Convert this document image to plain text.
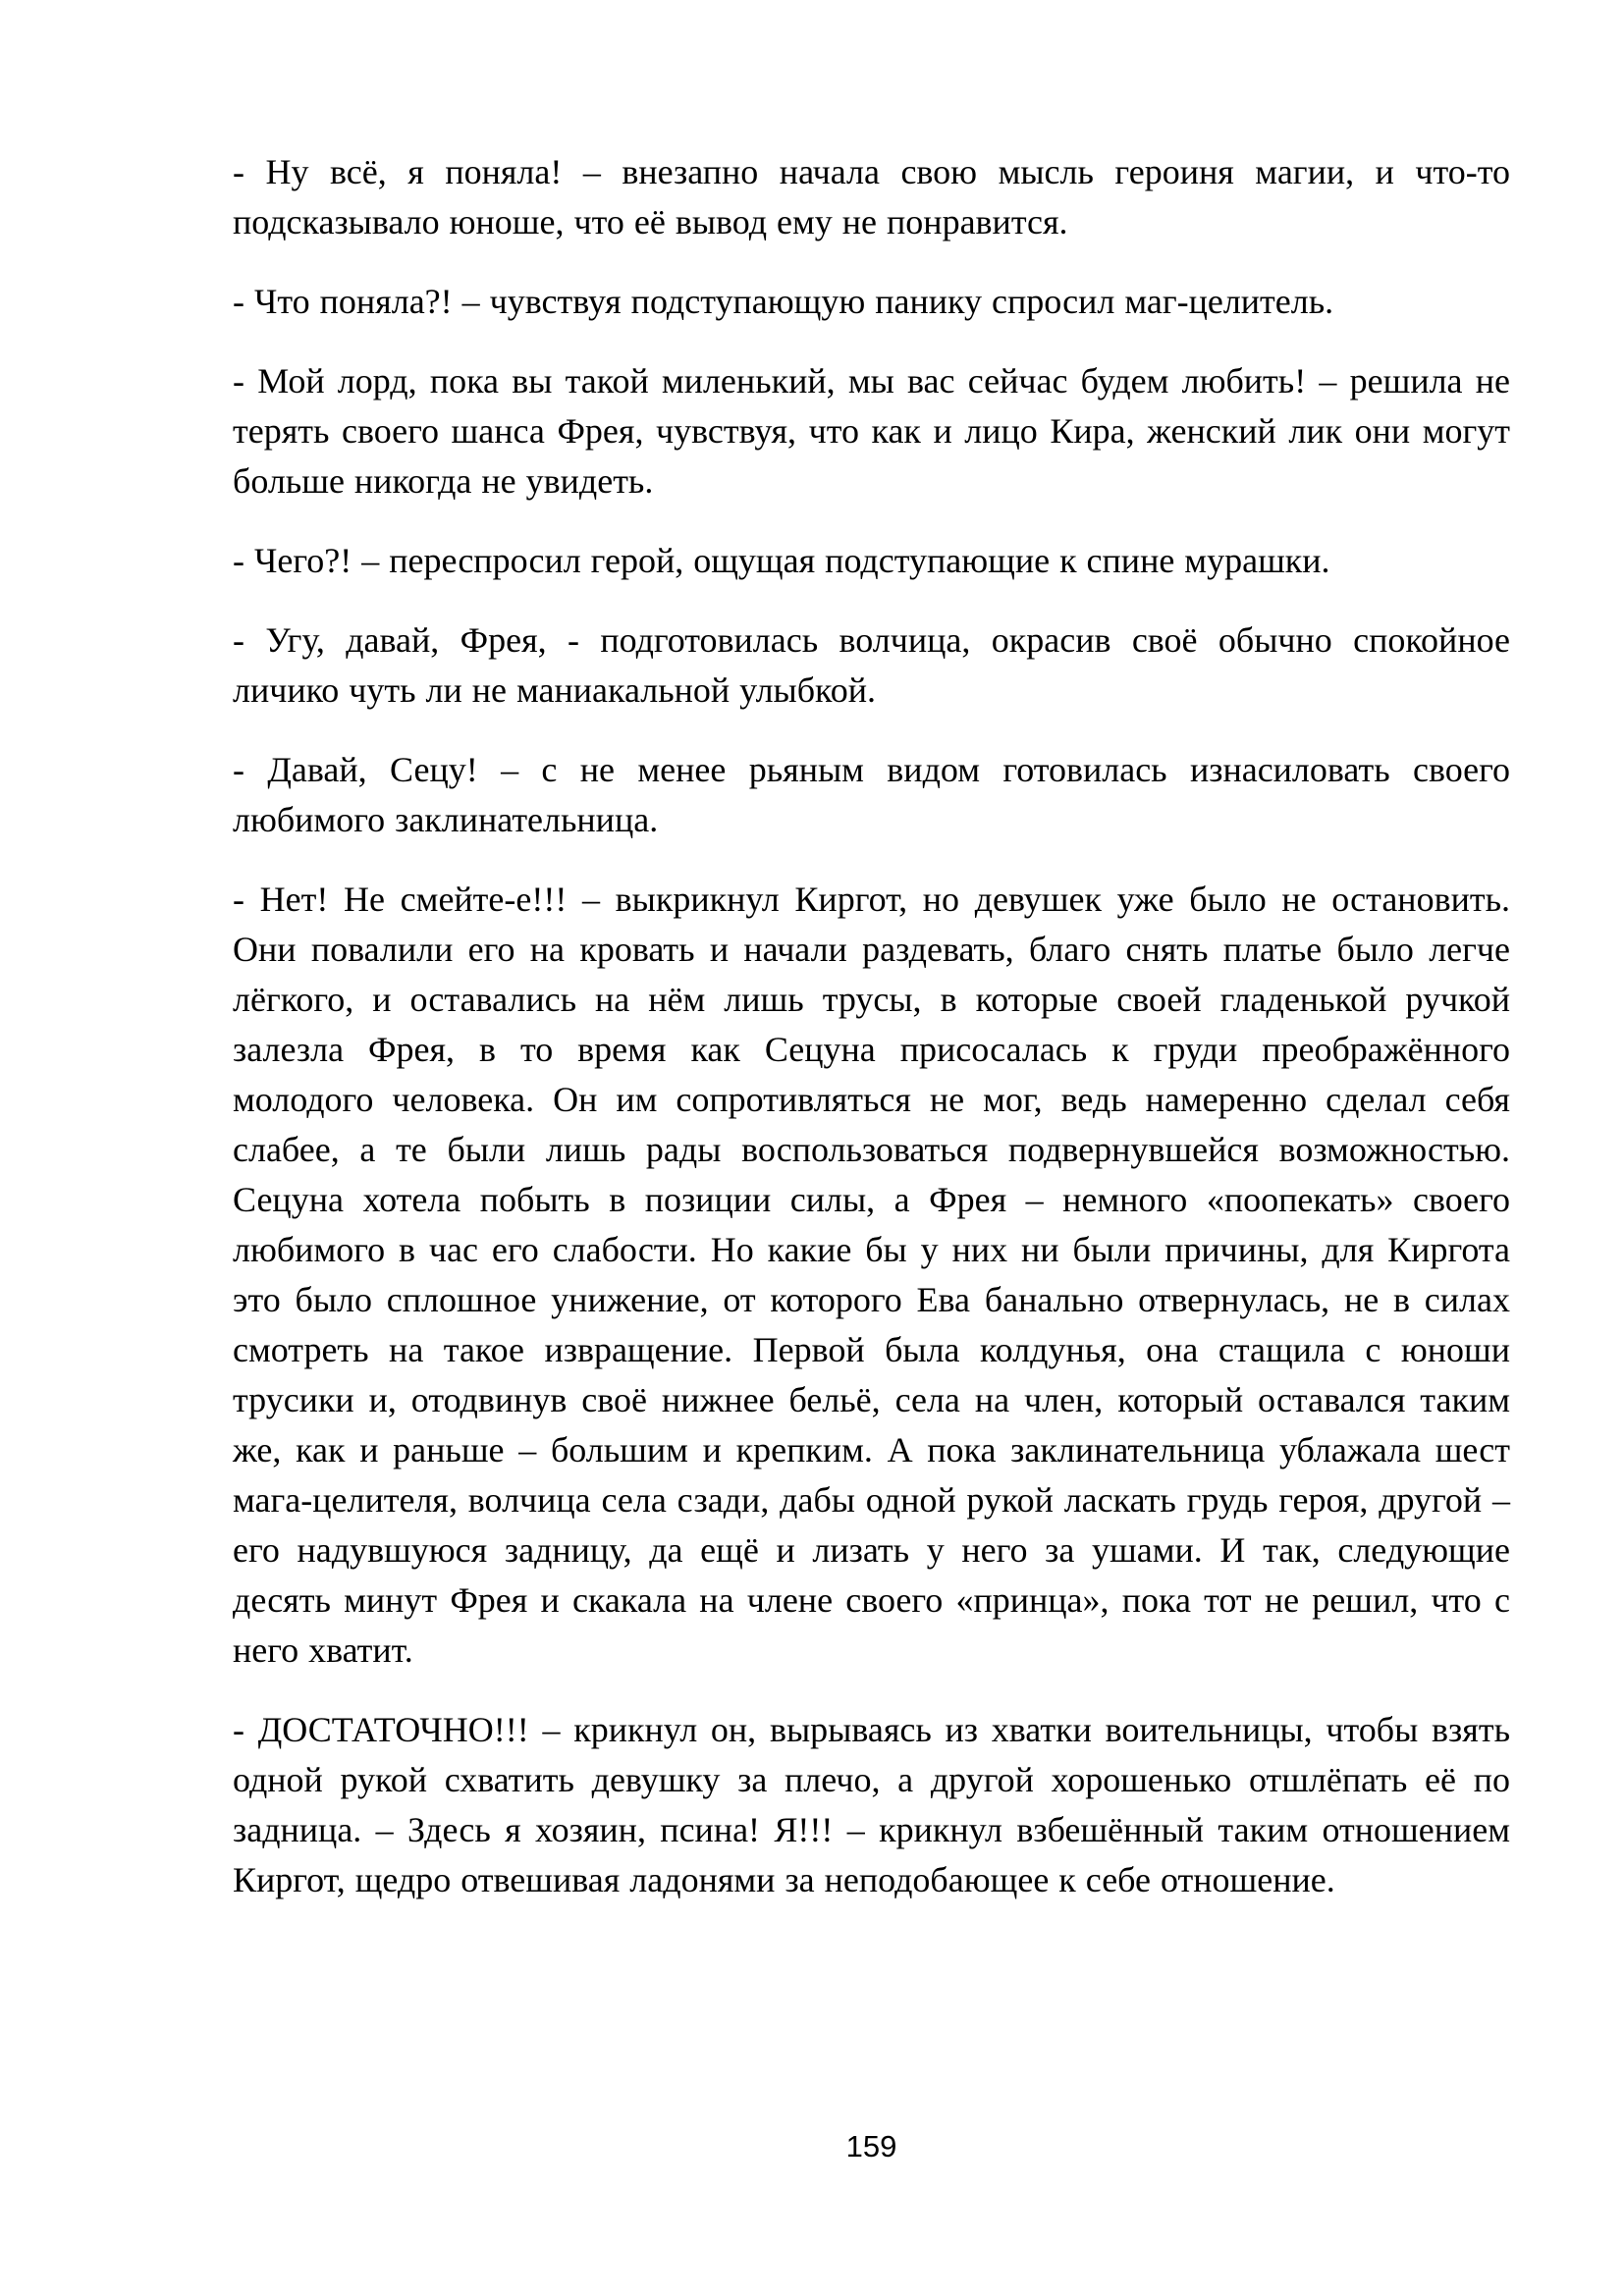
- Ну всё, я поняла! – внезапно начала свою мысль героиня магии, и что-то подсказывало юноше, что её вывод ему не понравится.

- Что поняла?! – чувствуя подступающую панику спросил маг-целитель.

- Мой лорд, пока вы такой миленький, мы вас сейчас будем любить! – решила не терять своего шанса Фрея, чувствуя, что как и лицо Кира, женский лик они могут больше никогда не увидеть.

- Чего?! – переспросил герой, ощущая подступающие к спине мурашки.

- Угу, давай, Фрея, - подготовилась волчица, окрасив своё обычно спокойное личико чуть ли не маниакальной улыбкой.

- Давай, Сецу! – с не менее рьяным видом готовилась изнасиловать своего любимого заклинательница.

- Нет! Не смейте-е!!! – выкрикнул Киргот, но девушек уже было не остановить. Они повалили его на кровать и начали раздевать, благо снять платье было легче лёгкого, и оставались на нём лишь трусы, в которые своей гладенькой ручкой залезла Фрея, в то время как Сецуна присосалась к груди преображённого молодого человека. Он им сопротивляться не мог, ведь намеренно сделал себя слабее, а те были лишь рады воспользоваться подвернувшейся возможностью. Сецуна хотела побыть в позиции силы, а Фрея – немного «поопекать» своего любимого в час его слабости. Но какие бы у них ни были причины, для Киргота это было сплошное унижение, от которого Ева банально отвернулась, не в силах смотреть на такое извращение. Первой была колдунья, она стащила с юноши трусики и, отодвинув своё нижнее бельё, села на член, который оставался таким же, как и раньше – большим и крепким. А пока заклинательница ублажала шест мага-целителя, волчица села сзади, дабы одной рукой ласкать грудь героя, другой – его надувшуюся задницу, да ещё и лизать у него за ушами. И так, следующие десять минут Фрея и скакала на члене своего «принца», пока тот не решил, что с него хватит.

- ДОСТАТОЧНО!!! – крикнул он, вырываясь из хватки воительницы, чтобы взять одной рукой схватить девушку за плечо, а другой хорошенько отшлёпать её по задница. – Здесь я хозяин, псина! Я!!! – крикнул взбешённый таким отношением Киргот, щедро отвешивая ладонями за неподобающее к себе отношение.

159
